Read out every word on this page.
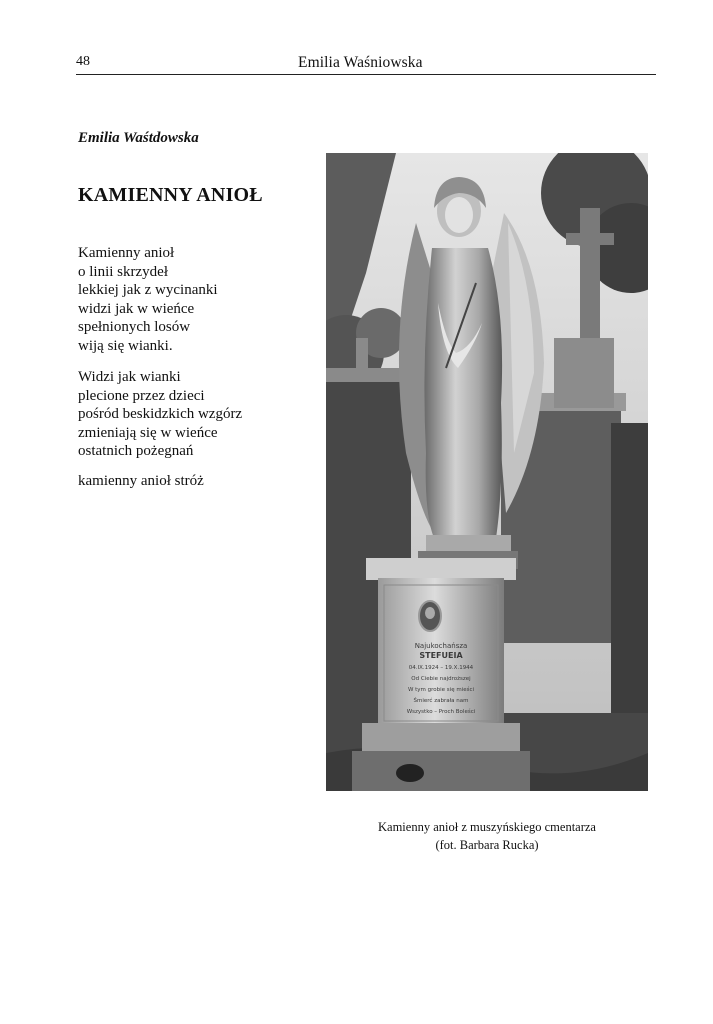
48	Emilia Waśniowska
Emilia Waśtdowska
KAMIENNY ANIOŁ
Kamienny anioł
o linii skrzydeł
lekkiej jak z wycinanki
widzi jak w wieńce
spełnionych losów
wiją się wianki.
Widzi jak wianki
plecione przez dzieci
pośród beskidzkich wzgórz
zmieniają się w wieńce
ostatnich pożegnań
kamienny anioł stróż
Najukochańsza
STEFUEIA
04.IX.1924 – 19.X.1944
Od Ciebie najdroższej
W tym grobie się mieści
Śmierć zabrała nam
Wszystko – Proch Boleści
Kamienny anioł z muszyńskiego cmentarza
(fot. Barbara Rucka)
